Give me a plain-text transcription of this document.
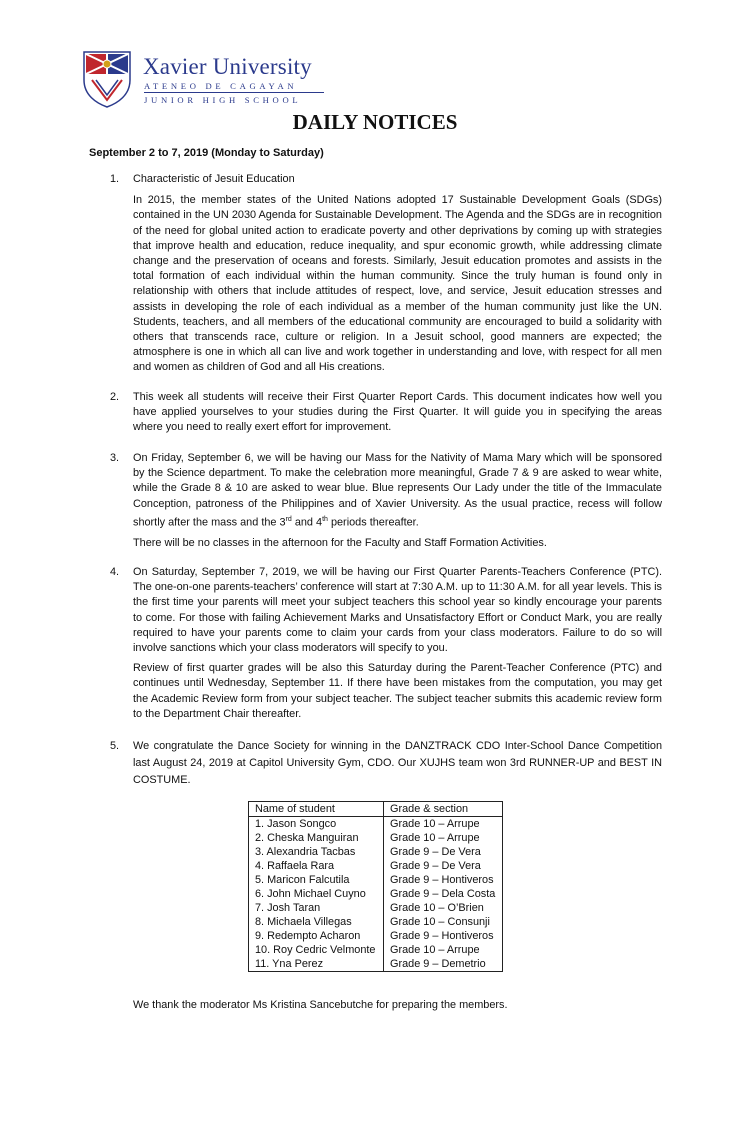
Xavier University
ATENEO DE CAGAYAN
JUNIOR HIGH SCHOOL
DAILY NOTICES
September 2 to 7, 2019 (Monday to Saturday)
1. Characteristic of Jesuit Education

In 2015, the member states of the United Nations adopted 17 Sustainable Development Goals (SDGs) contained in the UN 2030 Agenda for Sustainable Development. The Agenda and the SDGs are in recognition of the need for global united action to eradicate poverty and other deprivations by coming up with strategies that improve health and education, reduce inequality, and spur economic growth, while addressing climate change and the preservation of oceans and forests. Similarly, Jesuit education promotes and assists in the total formation of each individual within the human community. Since the truly human is found only in relationship with others that include attitudes of respect, love, and service, Jesuit education stresses and assists in developing the role of each individual as a member of the human community just like the UN. Students, teachers, and all members of the educational community are encouraged to build a solidarity with others that transcends race, culture or religion. In a Jesuit school, good manners are expected; the atmosphere is one in which all can live and work together in understanding and love, with respect for all men and women as children of God and all His creations.

2. This week all students will receive their First Quarter Report Cards. This document indicates how well you have applied yourselves to your studies during the First Quarter. It will guide you in specifying the areas where you need to really exert effort for improvement.

3. On Friday, September 6, we will be having our Mass for the Nativity of Mama Mary which will be sponsored by the Science department. To make the celebration more meaningful, Grade 7 & 9 are asked to wear white, while the Grade 8 & 10 are asked to wear blue. Blue represents Our Lady under the title of the Immaculate Conception, patroness of the Philippines and of Xavier University. As the usual practice, recess will follow shortly after the mass and the 3rd and 4th periods thereafter.

There will be no classes in the afternoon for the Faculty and Staff Formation Activities.

4. On Saturday, September 7, 2019, we will be having our First Quarter Parents-Teachers Conference (PTC). The one-on-one parents-teachers’ conference will start at 7:30 A.M. up to 11:30 A.M. for all year levels. This is the first time your parents will meet your subject teachers this school year so kindly encourage your parents to come. For those with failing Achievement Marks and Unsatisfactory Effort or Conduct Mark, you are really required to have your parents come to claim your cards from your class moderators. Failure to do so will involve sanctions which your class moderators will specify to you.

Review of first quarter grades will be also this Saturday during the Parent-Teacher Conference (PTC) and continues until Wednesday, September 11. If there have been mistakes from the computation, you may get the Academic Review form from your subject teacher. The subject teacher submits this academic review form to the Department Chair thereafter.

5. We congratulate the Dance Society for winning in the DANZTRACK CDO Inter-School Dance Competition last August 24, 2019 at Capitol University Gym, CDO. Our XUJHS team won 3rd RUNNER-UP and BEST IN COSTUME.

Name of student	Grade & section
1. Jason Songco	Grade 10 – Arrupe
2. Cheska Manguiran	Grade 10 – Arrupe
3. Alexandria Tacbas	Grade 9 – De Vera
4. Raffaela Rara	Grade 9 – De Vera
5. Maricon Falcutila	Grade 9 – Hontiveros
6. John Michael Cuyno	Grade 9 – Dela Costa
7. Josh Taran	Grade 10 – O’Brien
8. Michaela Villegas	Grade 10 – Consunji
9. Redempto Acharon	Grade 9 – Hontiveros
10. Roy Cedric Velmonte	Grade 10 – Arrupe
11. Yna Perez	Grade 9 – Demetrio
We thank the moderator Ms Kristina Sancebutche for preparing the members.
